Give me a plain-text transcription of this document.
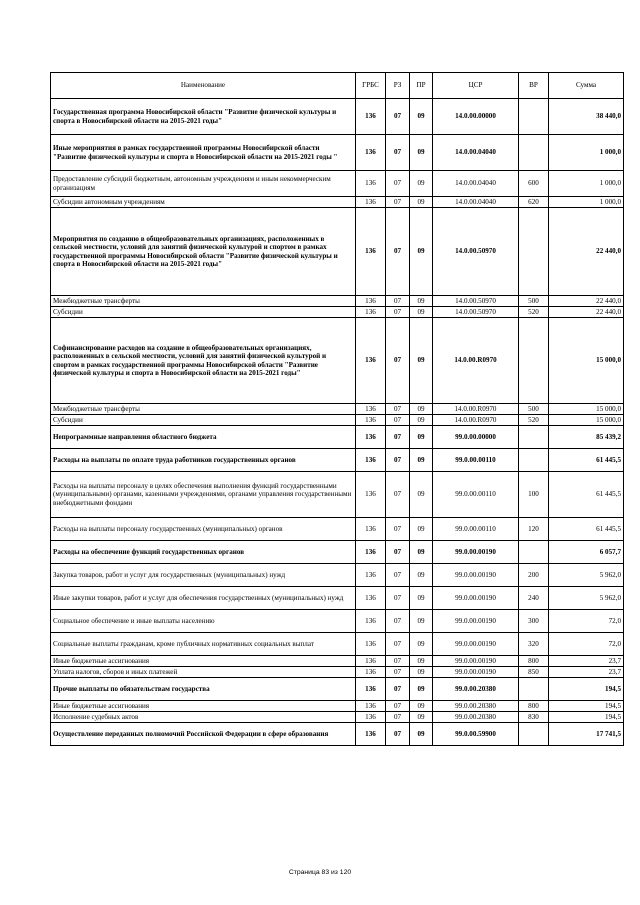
Наименование	ГРБС	РЗ	ПР	ЦСР	ВР	Сумма
Государственная программа Новосибирской области "Развитие физической культуры и спорта в Новосибирской области на 2015-2021 годы"	136	07	09	14.0.00.00000		38 440,0
Иные мероприятия в рамках государственной программы Новосибирской области "Развитие физической культуры и спорта в Новосибирской области на 2015-2021 годы "	136	07	09	14.0.00.04040		1 000,0
Предоставление субсидий бюджетным, автономным учреждениям и иным некоммерческим организациям	136	07	09	14.0.00.04040	600	1 000,0
Субсидии автономным учреждениям	136	07	09	14.0.00.04040	620	1 000,0
Мероприятия по созданию в общеобразовательных организациях, расположенных в сельской местности, условий для занятий физической культурой и спортом в рамках государственной программы Новосибирской области "Развитие физической культуры и спорта в Новосибирской области на 2015-2021 годы"	136	07	09	14.0.00.50970		22 440,0
Межбюджетные трансферты	136	07	09	14.0.00.50970	500	22 440,0
Субсидии	136	07	09	14.0.00.50970	520	22 440,0
Софинансирование расходов на создание в общеобразовательных организациях, расположенных в сельской местности, условий для занятий физической культурой и спортом в рамках государственной программы Новосибирской области "Развитие физической культуры и спорта в Новосибирской области на 2015-2021 годы"	136	07	09	14.0.00.R0970		15 000,0
Межбюджетные трансферты	136	07	09	14.0.00.R0970	500	15 000,0
Субсидии	136	07	09	14.0.00.R0970	520	15 000,0
Непрограммные направления областного бюджета	136	07	09	99.0.00.00000		85 439,2
Расходы на выплаты по оплате труда работников государственных органов	136	07	09	99.0.00.00110		61 445,5
Расходы на выплаты персоналу в целях обеспечения выполнения функций государственными (муниципальными) органами, казенными учреждениями, органами управления государственными внебюджетными фондами	136	07	09	99.0.00.00110	100	61 445,5
Расходы на выплаты персоналу государственных (муниципальных) органов	136	07	09	99.0.00.00110	120	61 445,5
Расходы на обеспечение функций государственных органов	136	07	09	99.0.00.00190		6 057,7
Закупка товаров, работ и услуг для государственных (муниципальных) нужд	136	07	09	99.0.00.00190	200	5 962,0
Иные закупки товаров, работ и услуг для обеспечения государственных (муниципальных) нужд	136	07	09	99.0.00.00190	240	5 962,0
Социальное обеспечение и иные выплаты населению	136	07	09	99.0.00.00190	300	72,0
Социальные выплаты гражданам, кроме публичных нормативных социальных выплат	136	07	09	99.0.00.00190	320	72,0
Иные бюджетные ассигнования	136	07	09	99.0.00.00190	800	23,7
Уплата налогов, сборов и иных платежей	136	07	09	99.0.00.00190	850	23,7
Прочие выплаты по обязательствам государства	136	07	09	99.0.00.20380		194,5
Иные бюджетные ассигнования	136	07	09	99.0.00.20380	800	194,5
Исполнение судебных актов	136	07	09	99.0.00.20380	830	194,5
Осуществление переданных полномочий Российской Федерации в сфере образования	136	07	09	99.0.00.59900		17 741,5
Страница 83 из 120
